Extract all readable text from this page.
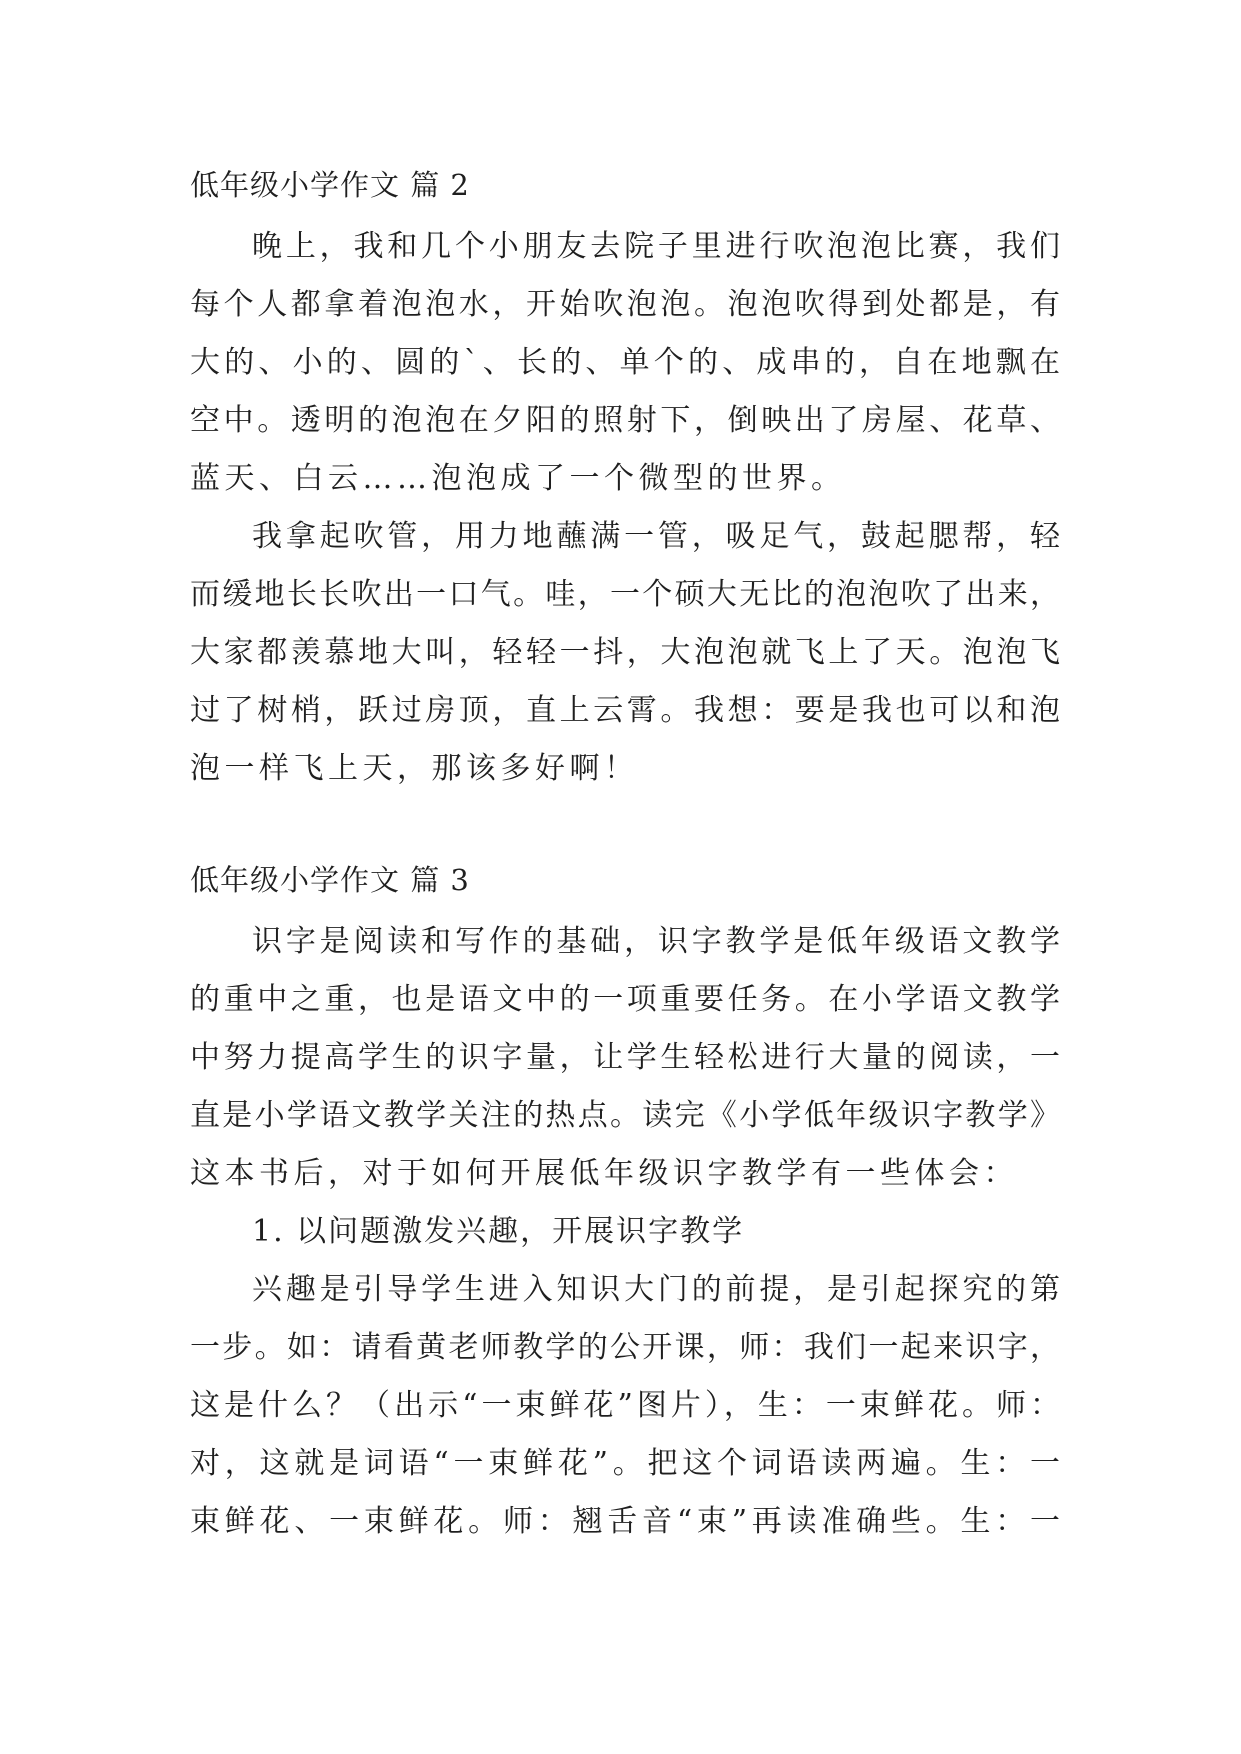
低年级小学作文 篇 2
晚上，我和几个小朋友去院子里进行吹泡泡比赛，我们
每个人都拿着泡泡水，开始吹泡泡。泡泡吹得到处都是，有
大的、小的、圆的`、长的、单个的、成串的，自在地飘在
空中。透明的泡泡在夕阳的照射下，倒映出了房屋、花草、
蓝天、白云……泡泡成了一个微型的世界。
我拿起吹管，用力地蘸满一管，吸足气，鼓起腮帮，轻
而缓地长长吹出一口气。哇，一个硕大无比的泡泡吹了出来，
大家都羡慕地大叫，轻轻一抖，大泡泡就飞上了天。泡泡飞
过了树梢，跃过房顶，直上云霄。我想：要是我也可以和泡
泡一样飞上天，那该多好啊！
低年级小学作文 篇 3
识字是阅读和写作的基础，识字教学是低年级语文教学
的重中之重，也是语文中的一项重要任务。在小学语文教学
中努力提高学生的识字量，让学生轻松进行大量的阅读，一
直是小学语文教学关注的热点。读完《小学低年级识字教学》
这本书后，对于如何开展低年级识字教学有一些体会：
1. 以问题激发兴趣，开展识字教学
兴趣是引导学生进入知识大门的前提，是引起探究的第
一步。如：请看黄老师教学的公开课，师：我们一起来识字，
这是什么？（出示“一束鲜花”图片），生：一束鲜花。师：
对，这就是词语“一束鲜花”。把这个词语读两遍。生：一
束鲜花、一束鲜花。师：翘舌音“束”再读准确些。生：一
